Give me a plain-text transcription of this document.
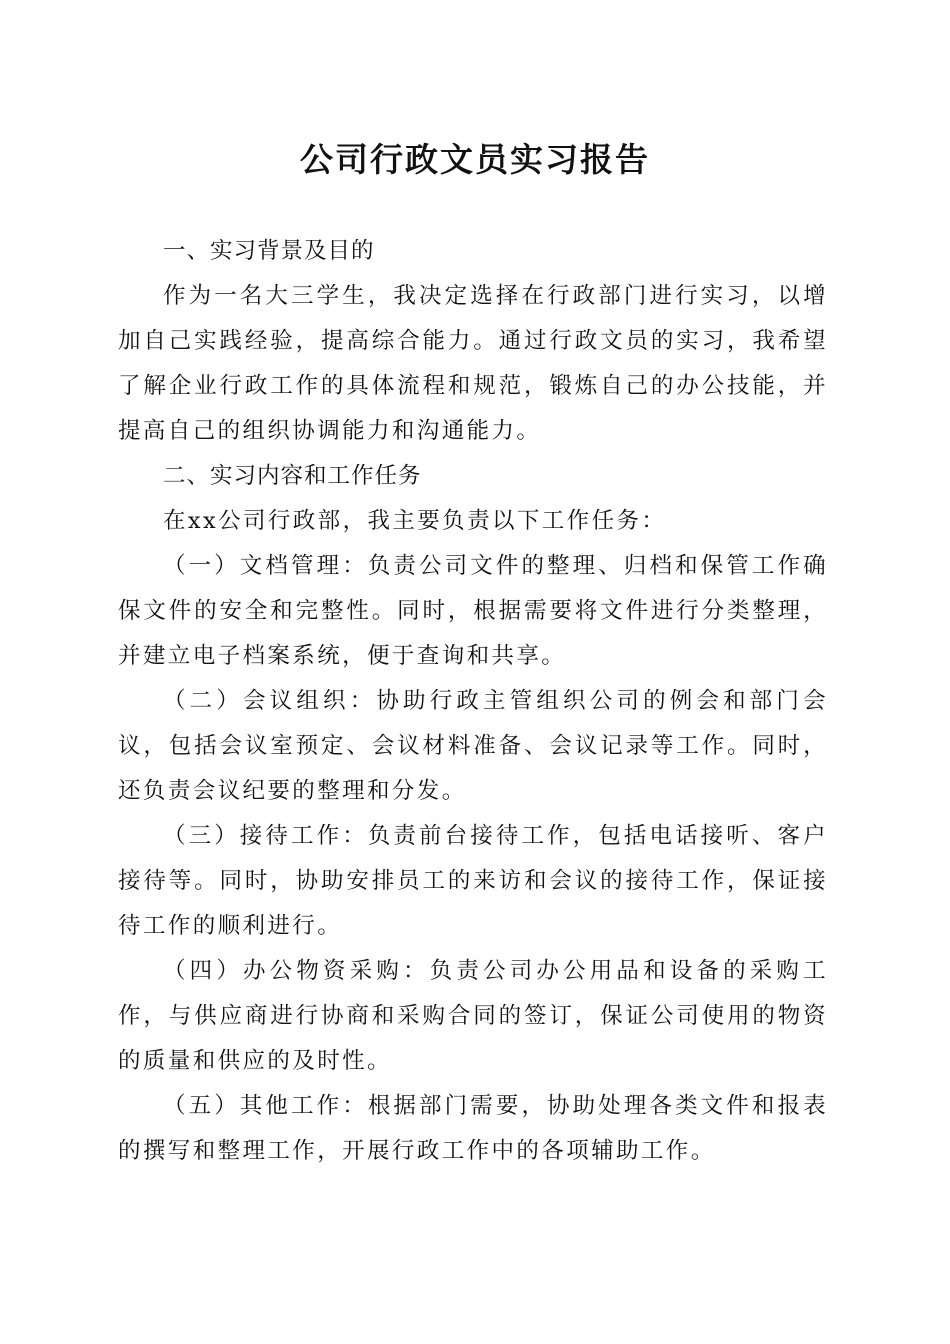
公司行政文员实习报告

一、实习背景及目的

作为一名大三学生，我决定选择在行政部门进行实习，以增加自己实践经验，提高综合能力。通过行政文员的实习，我希望了解企业行政工作的具体流程和规范，锻炼自己的办公技能，并提高自己的组织协调能力和沟通能力。

二、实习内容和工作任务

在xx公司行政部，我主要负责以下工作任务：

（一）文档管理：负责公司文件的整理、归档和保管工作确保文件的安全和完整性。同时，根据需要将文件进行分类整理，并建立电子档案系统，便于查询和共享。

（二）会议组织：协助行政主管组织公司的例会和部门会议，包括会议室预定、会议材料准备、会议记录等工作。同时，还负责会议纪要的整理和分发。

（三）接待工作：负责前台接待工作，包括电话接听、客户接待等。同时，协助安排员工的来访和会议的接待工作，保证接待工作的顺利进行。

（四）办公物资采购：负责公司办公用品和设备的采购工作，与供应商进行协商和采购合同的签订，保证公司使用的物资的质量和供应的及时性。

（五）其他工作：根据部门需要，协助处理各类文件和报表的撰写和整理工作，开展行政工作中的各项辅助工作。
